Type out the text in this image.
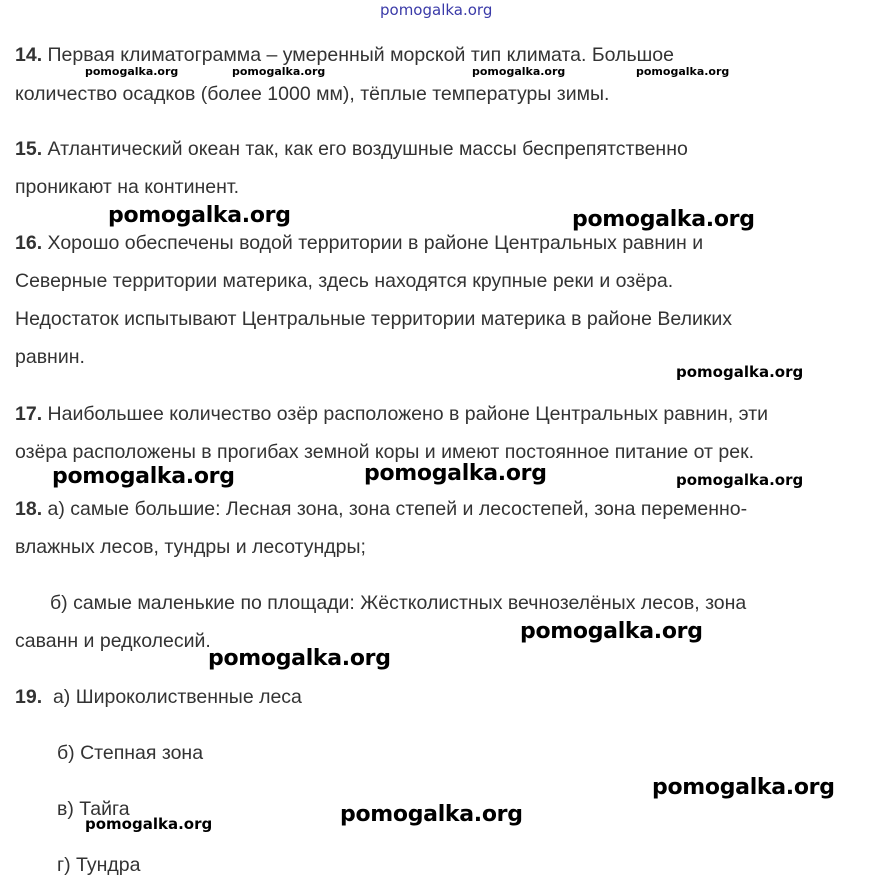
pomogalka.org
14. Первая климатограмма – умеренный морской тип климата. Большое
количество осадков (более 1000 мм), тёплые температуры зимы.
15. Атлантический океан так, как его воздушные массы беспрепятственно
проникают на континент.
16. Хорошо обеспечены водой территории в районе Центральных равнин и
Северные территории материка, здесь находятся крупные реки и озёра.
Недостаток испытывают Центральные территории материка в районе Великих
равнин.
17. Наибольшее количество озёр расположено в районе Центральных равнин, эти
озёра расположены в прогибах земной коры и имеют постоянное питание от рек.
18. а) самые большие: Лесная зона, зона степей и лесостепей, зона переменно-
влажных лесов, тундры и лесотундры;
б) самые маленькие по площади: Жёстколистных вечнозелёных лесов, зона
саванн и редколесий.
19. а) Широколиственные леса
б) Степная зона
в) Тайга
г) Тундра
pomogalka.org	pomogalka.org	pomogalka.org	pomogalka.org
pomogalka.org	pomogalka.org
pomogalka.org
pomogalka.org	pomogalka.org	pomogalka.org
pomogalka.org
pomogalka.org
pomogalka.org
pomogalka.org
pomogalka.org
